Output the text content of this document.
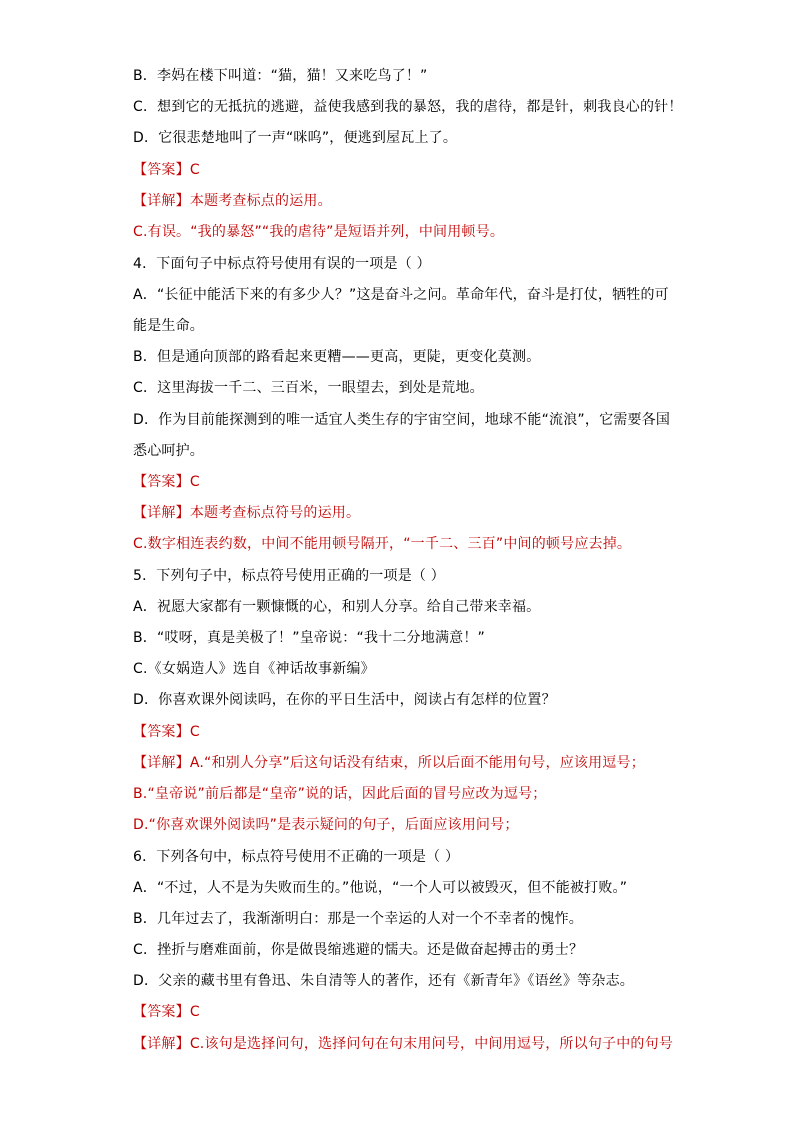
B．李妈在楼下叫道：“猫，猫！又来吃鸟了！”
C．想到它的无抵抗的逃避，益使我感到我的暴怒，我的虐待，都是针，刺我良心的针！
D．它很悲楚地叫了一声“咪呜”，便逃到屋瓦上了。
【答案】C
【详解】本题考查标点的运用。
C.有误。“我的暴怒”“我的虐待”是短语并列，中间用顿号。
4．下面句子中标点符号使用有误的一项是（ ）
A．“长征中能活下来的有多少人？”这是奋斗之问。革命年代，奋斗是打仗，牺牲的可
能是生命。
B．但是通向顶部的路看起来更糟——更高，更陡，更变化莫测。
C．这里海拔一千二、三百米，一眼望去，到处是荒地。
D．作为目前能探测到的唯一适宜人类生存的宇宙空间，地球不能“流浪”，它需要各国
悉心呵护。
【答案】C
【详解】本题考查标点符号的运用。
C.数字相连表约数，中间不能用顿号隔开，“一千二、三百”中间的顿号应去掉。
5．下列句子中，标点符号使用正确的一项是（ ）
A．祝愿大家都有一颗慷慨的心，和别人分享。给自己带来幸福。
B．“哎呀，真是美极了！”皇帝说：“我十二分地满意！”
C.《女娲造人》选自《神话故事新编》
D．你喜欢课外阅读吗，在你的平日生活中，阅读占有怎样的位置？
【答案】C
【详解】A.“和别人分享”后这句话没有结束，所以后面不能用句号，应该用逗号；
B.“皇帝说”前后都是“皇帝”说的话，因此后面的冒号应改为逗号；
D.“你喜欢课外阅读吗”是表示疑问的句子，后面应该用问号；
6．下列各句中，标点符号使用不正确的一项是（ ）
A．“不过，人不是为失败而生的。”他说，“一个人可以被毁灭，但不能被打败。”
B．几年过去了，我渐渐明白：那是一个幸运的人对一个不幸者的愧怍。
C．挫折与磨难面前，你是做畏缩逃避的懦夫。还是做奋起搏击的勇士？
D．父亲的藏书里有鲁迅、朱自清等人的著作，还有《新青年》《语丝》等杂志。
【答案】C
【详解】C.该句是选择问句，选择问句在句末用问号，中间用逗号，所以句子中的句号
